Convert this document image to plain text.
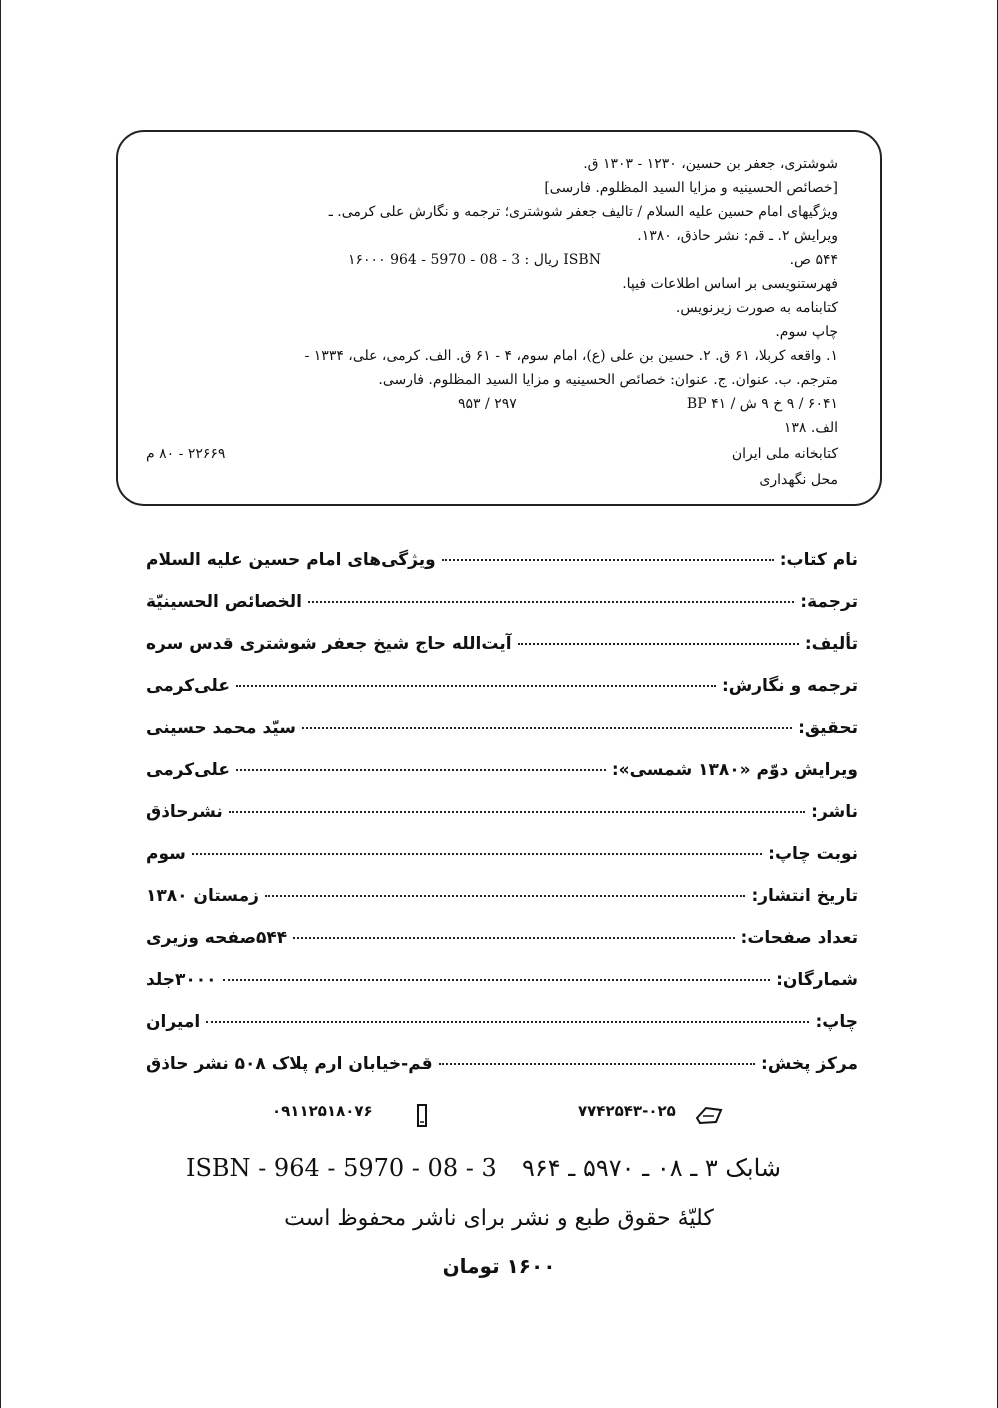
شوشتری، جعفر بن حسین، ۱۲۳۰ - ۱۳۰۳ ق.
[خصائص الحسینیه و مزایا السید المظلوم. فارسی]
ویژگیهای امام حسین علیه السلام / تالیف جعفر شوشتری؛ ترجمه و نگارش علی کرمی. ـ
ویرایش ۲. ـ قم: نشر حاذق، ۱۳۸۰.
۵۴۴ ص.
۱۶۰۰۰ ریال : 3 - 08 - 5970 - 964 ISBN
فهرستنویسی بر اساس اطلاعات فیپا.
کتابنامه به صورت زیرنویس.
چاپ سوم.
۱. واقعه کربلا، ۶۱ ق. ۲. حسین بن علی (ع)، امام سوم، ۴ - ۶۱ ق. الف. کرمی، علی، ۱۳۳۴ -
مترجم. ب. عنوان. ج. عنوان: خصائص الحسینیه و مزایا السید المظلوم. فارسی.
۶۰۴۱ / ۹ خ ۹ ش / BP ۴۱
۲۹۷ / ۹۵۳
الف. ۱۳۸
کتابخانه ملی ایران
۲۲۶۶۹ - ۸۰ م
محل نگهداری
نام کتاب:
ویژگی‌های امام حسین علیه السلام
ترجمة:
الخصائص الحسينيّة
تألیف:
آیت‌الله حاج شیخ جعفر شوشتری قدس سره
ترجمه و نگارش:
علی‌کرمی
تحقیق:
سیّد محمد حسینی
ویرایش دوّم «۱۳۸۰ شمسی»:
علی‌کرمی
ناشر:
نشرحاذق
نوبت چاپ:
سوم
تاریخ انتشار:
زمستان ۱۳۸۰
تعداد صفحات:
۵۴۴صفحه وزیری
شمارگان:
۳۰۰۰جلد
چاپ:
امیران
مرکز پخش:
قم-خیابان ارم پلاک ۵۰۸ نشر حاذق
۷۷۴۲۵۴۳-۰۲۵
۰۹۱۱۲۵۱۸۰۷۶
ISBN - 964 - 5970 - 08 - 3 شابک ۳ ـ ۰۸ ـ ۵۹۷۰ ـ ۹۶۴
کلیّهٔ حقوق طبع و نشر برای ناشر محفوظ است
۱۶۰۰ تومان
